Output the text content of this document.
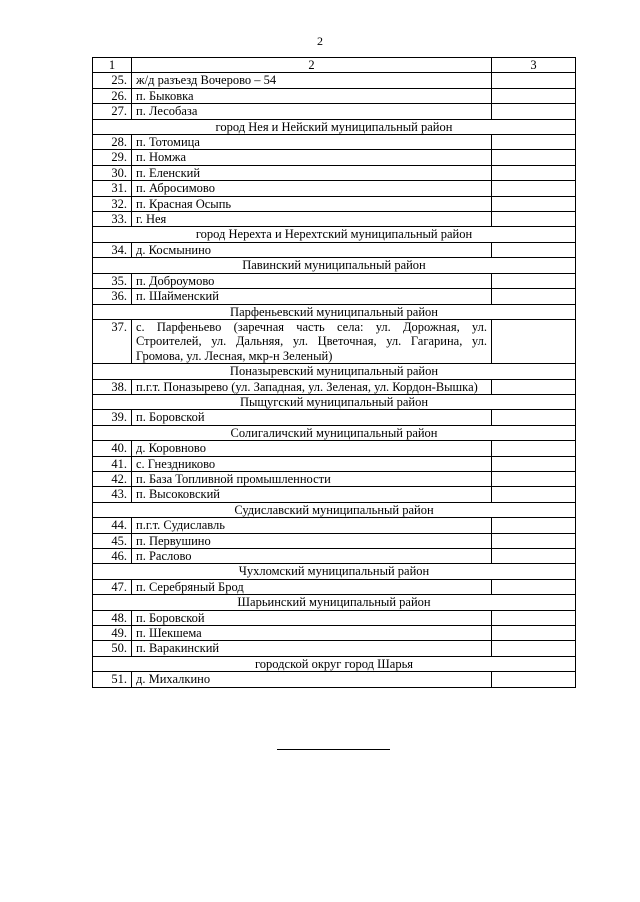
2
1	2	3
25.	ж/д разъезд Вочерово – 54	
26.	п. Быковка	
27.	п. Лесобаза	
город Нея и Нейский муниципальный район		
28.	п. Тотомица	
29.	п. Номжа	
30.	п. Еленский	
31.	п. Абросимово	
32.	п. Красная Осыпь	
33.	г. Нея	
город Нерехта и Нерехтский муниципальный район		
34.	д. Космынино	
Павинский муниципальный район		
35.	п. Доброумово	
36.	п. Шайменский	
Парфеньевский муниципальный район		
37.	с. Парфеньево (заречная часть села: ул. Дорожная, ул. Строителей, ул. Дальняя, ул. Цветочная, ул. Гагарина, ул. Громова, ул. Лесная, мкр-н Зеленый)	
Поназыревский муниципальный район		
38.	п.г.т. Поназырево (ул. Западная, ул. Зеленая, ул. Кордон-Вышка)	
Пыщугский муниципальный район		
39.	п. Боровской	
Солигаличский муниципальный район		
40.	д. Коровново	
41.	с. Гнездниково	
42.	п. База Топливной промышленности	
43.	п. Высоковский	
Судиславский муниципальный район		
44.	п.г.т. Судиславль	
45.	п. Первушино	
46.	п. Раслово	
Чухломский муниципальный район		
47.	п. Серебряный Брод	
Шарьинский муниципальный район		
48.	п. Боровской	
49.	п. Шекшема	
50.	п. Варакинский	
городской округ город Шарья		
51.	д. Михалкино	
